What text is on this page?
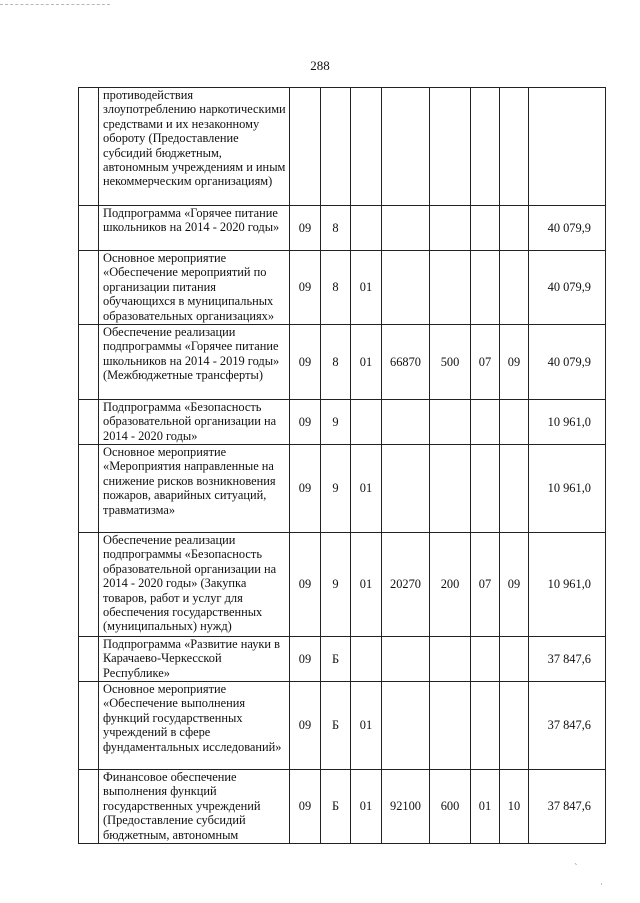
288
	противодействия злоупотреблению наркотическими средствами и их незаконному обороту (Предоставление субсидий бюджетным, автономным учреждениям и иным некоммерческим организациям)								
	Подпрограмма «Горячее питание школьников на 2014 - 2020 годы»	09	8						40 079,9
	Основное мероприятие «Обеспечение мероприятий по организации питания обучающихся в муниципальных образовательных организациях»	09	8	01					40 079,9
	Обеспечение реализации подпрограммы «Горячее питание школьников на 2014 - 2019 годы» (Межбюджетные трансферты)	09	8	01	66870	500	07	09	40 079,9
	Подпрограмма «Безопасность образовательной организации на 2014 - 2020 годы»	09	9						10 961,0
	Основное мероприятие «Мероприятия направленные на снижение рисков возникновения пожаров, аварийных ситуаций, травматизма»	09	9	01					10 961,0
	Обеспечение реализации подпрограммы «Безопасность образовательной организации на 2014 - 2020 годы» (Закупка товаров, работ и услуг для обеспечения государственных (муниципальных) нужд)	09	9	01	20270	200	07	09	10 961,0
	Подпрограмма «Развитие науки в Карачаево-Черкесской Республике»	09	Б						37 847,6
	Основное мероприятие «Обеспечение выполнения функций государственных учреждений в сфере фундаментальных исследований»	09	Б	01					37 847,6
	Финансовое обеспечение выполнения функций государственных учреждений (Предоставление субсидий бюджетным, автономным	09	Б	01	92100	600	01	10	37 847,6
ˎ
·
